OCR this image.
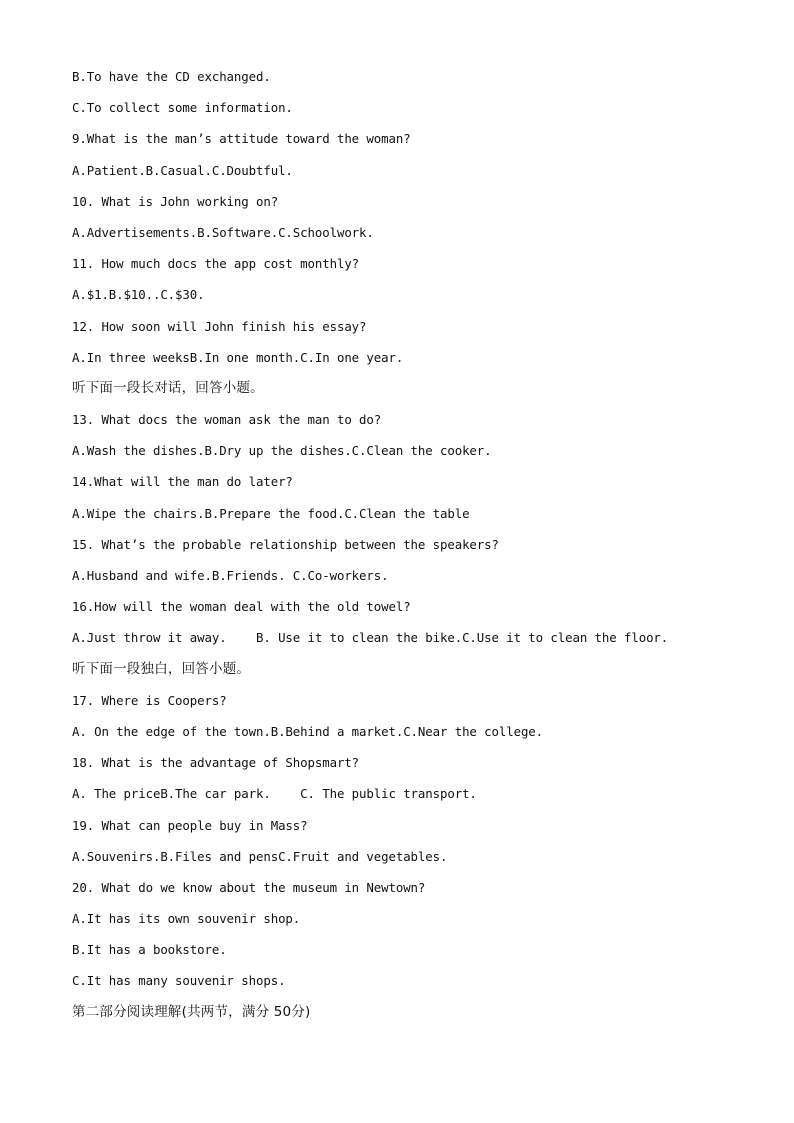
B.To have the CD exchanged.
C.To collect some information.
9.What is the man’s attitude toward the woman?
A.Patient.B.Casual.C.Doubtful.
10. What is John working on?
A.Advertisements.B.Software.C.Schoolwork.
11. How much docs the app cost monthly?
A.$1.B.$10..C.$30.
12. How soon will John finish his essay?
A.In three weeksB.In one month.C.In one year.
听下面一段长对话，回答小题。
13. What docs the woman ask the man to do?
A.Wash the dishes.B.Dry up the dishes.C.Clean the cooker.
14.What will the man do later?
A.Wipe the chairs.B.Prepare the food.C.Clean the table
15. What’s the probable relationship between the speakers?
A.Husband and wife.B.Friends. C.Co-workers.
16.How will the woman deal with the old towel?
A.Just throw it away.    B. Use it to clean the bike.C.Use it to clean the floor.
听下面一段独白，回答小题。
17. Where is Coopers?
A. On the edge of the town.B.Behind a market.C.Near the college.
18. What is the advantage of Shopsmart?
A. The priceB.The car park.    C. The public transport.
19. What can people buy in Mass?
A.Souvenirs.B.Files and pensC.Fruit and vegetables.
20. What do we know about the museum in Newtown?
A.It has its own souvenir shop.
B.It has a bookstore.
C.It has many souvenir shops.
第二部分阅读理解(共两节，满分 50分)
